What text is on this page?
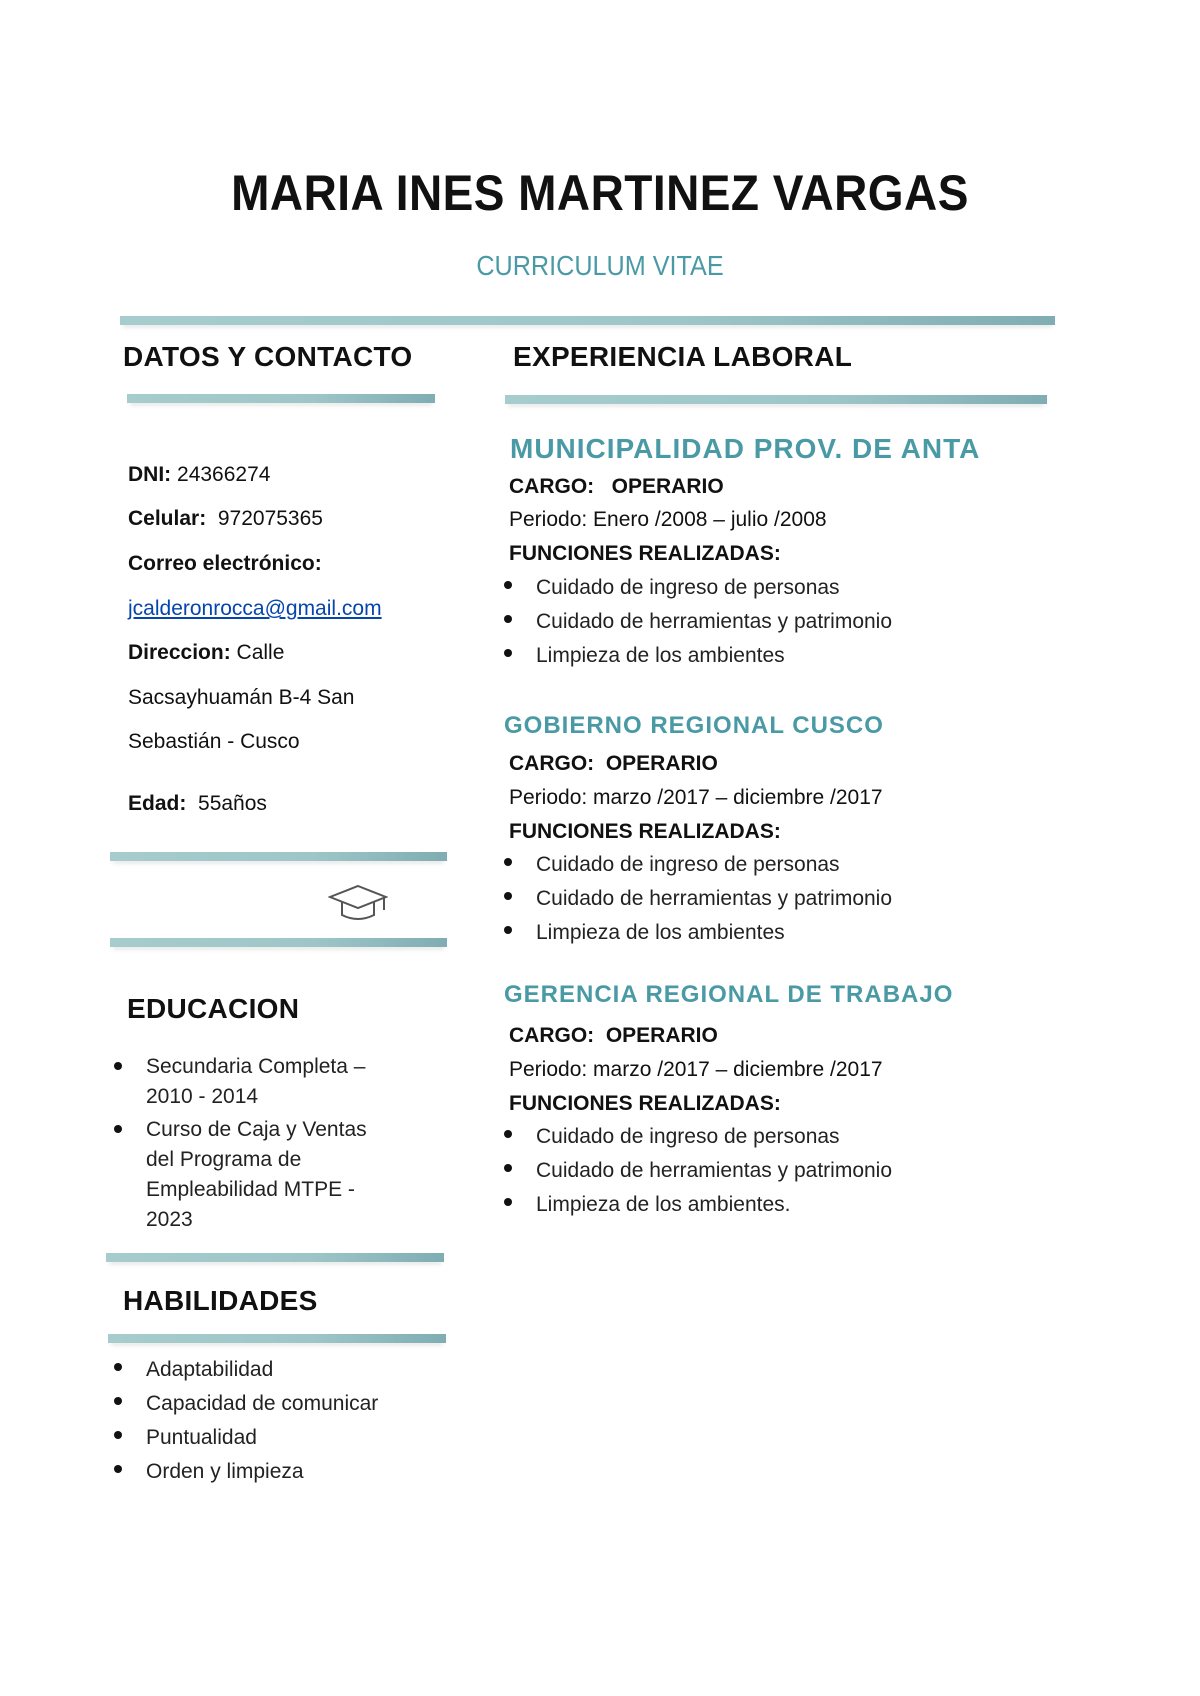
MARIA INES MARTINEZ VARGAS
CURRICULUM VITAE
DATOS Y CONTACTO
DNI: 24366274
Celular: 972075365
Correo electrónico:
jcalderonrocca@gmail.com
Direccion: Calle
Sacsayhuamán B-4 San
Sebastián - Cusco
Edad: 55años
EDUCACION
Secundaria Completa –
2010 - 2014
Curso de Caja y Ventas
del Programa de
Empleabilidad MTPE -
2023
HABILIDADES
Adaptabilidad
Capacidad de comunicar
Puntualidad
Orden y limpieza
EXPERIENCIA LABORAL
MUNICIPALIDAD PROV. DE ANTA
CARGO:   OPERARIO
Periodo: Enero /2008 – julio /2008
FUNCIONES REALIZADAS:
Cuidado de ingreso de personas
Cuidado de herramientas y patrimonio
Limpieza de los ambientes
GOBIERNO REGIONAL CUSCO
CARGO:  OPERARIO
Periodo: marzo /2017 – diciembre /2017
FUNCIONES REALIZADAS:
Cuidado de ingreso de personas
Cuidado de herramientas y patrimonio
Limpieza de los ambientes
GERENCIA REGIONAL DE TRABAJO
CARGO:  OPERARIO
Periodo: marzo /2017 – diciembre /2017
FUNCIONES REALIZADAS:
Cuidado de ingreso de personas
Cuidado de herramientas y patrimonio
Limpieza de los ambientes.
